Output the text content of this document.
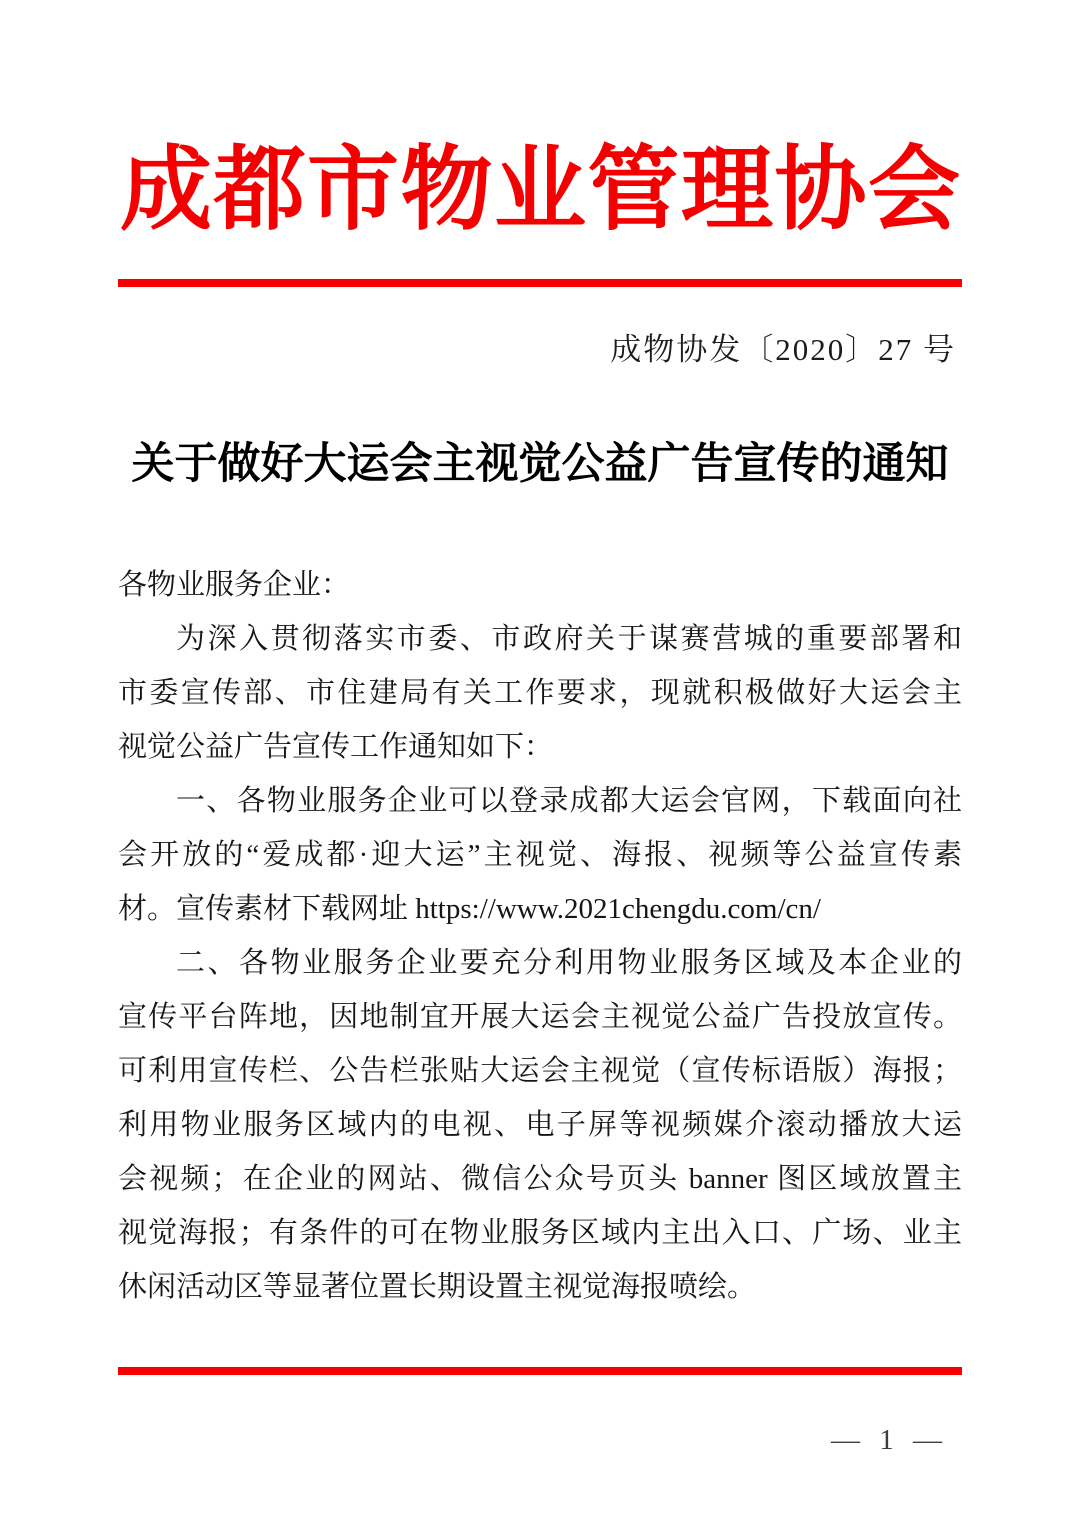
成都市物业管理协会
成物协发〔2020〕27 号
关于做好大运会主视觉公益广告宣传的通知
各物业服务企业：
为深入贯彻落实市委、市政府关于谋赛营城的重要部署和
市委宣传部、市住建局有关工作要求，现就积极做好大运会主
视觉公益广告宣传工作通知如下：
一、各物业服务企业可以登录成都大运会官网，下载面向社
会开放的“爱成都·迎大运”主视觉、海报、视频等公益宣传素
材。宣传素材下载网址 https://www.2021chengdu.com/cn/
二、各物业服务企业要充分利用物业服务区域及本企业的
宣传平台阵地，因地制宜开展大运会主视觉公益广告投放宣传。
可利用宣传栏、公告栏张贴大运会主视觉（宣传标语版）海报；
利用物业服务区域内的电视、电子屏等视频媒介滚动播放大运
会视频；在企业的网站、微信公众号页头 banner 图区域放置主
视觉海报；有条件的可在物业服务区域内主出入口、广场、业主
休闲活动区等显著位置长期设置主视觉海报喷绘。
— 1 —
